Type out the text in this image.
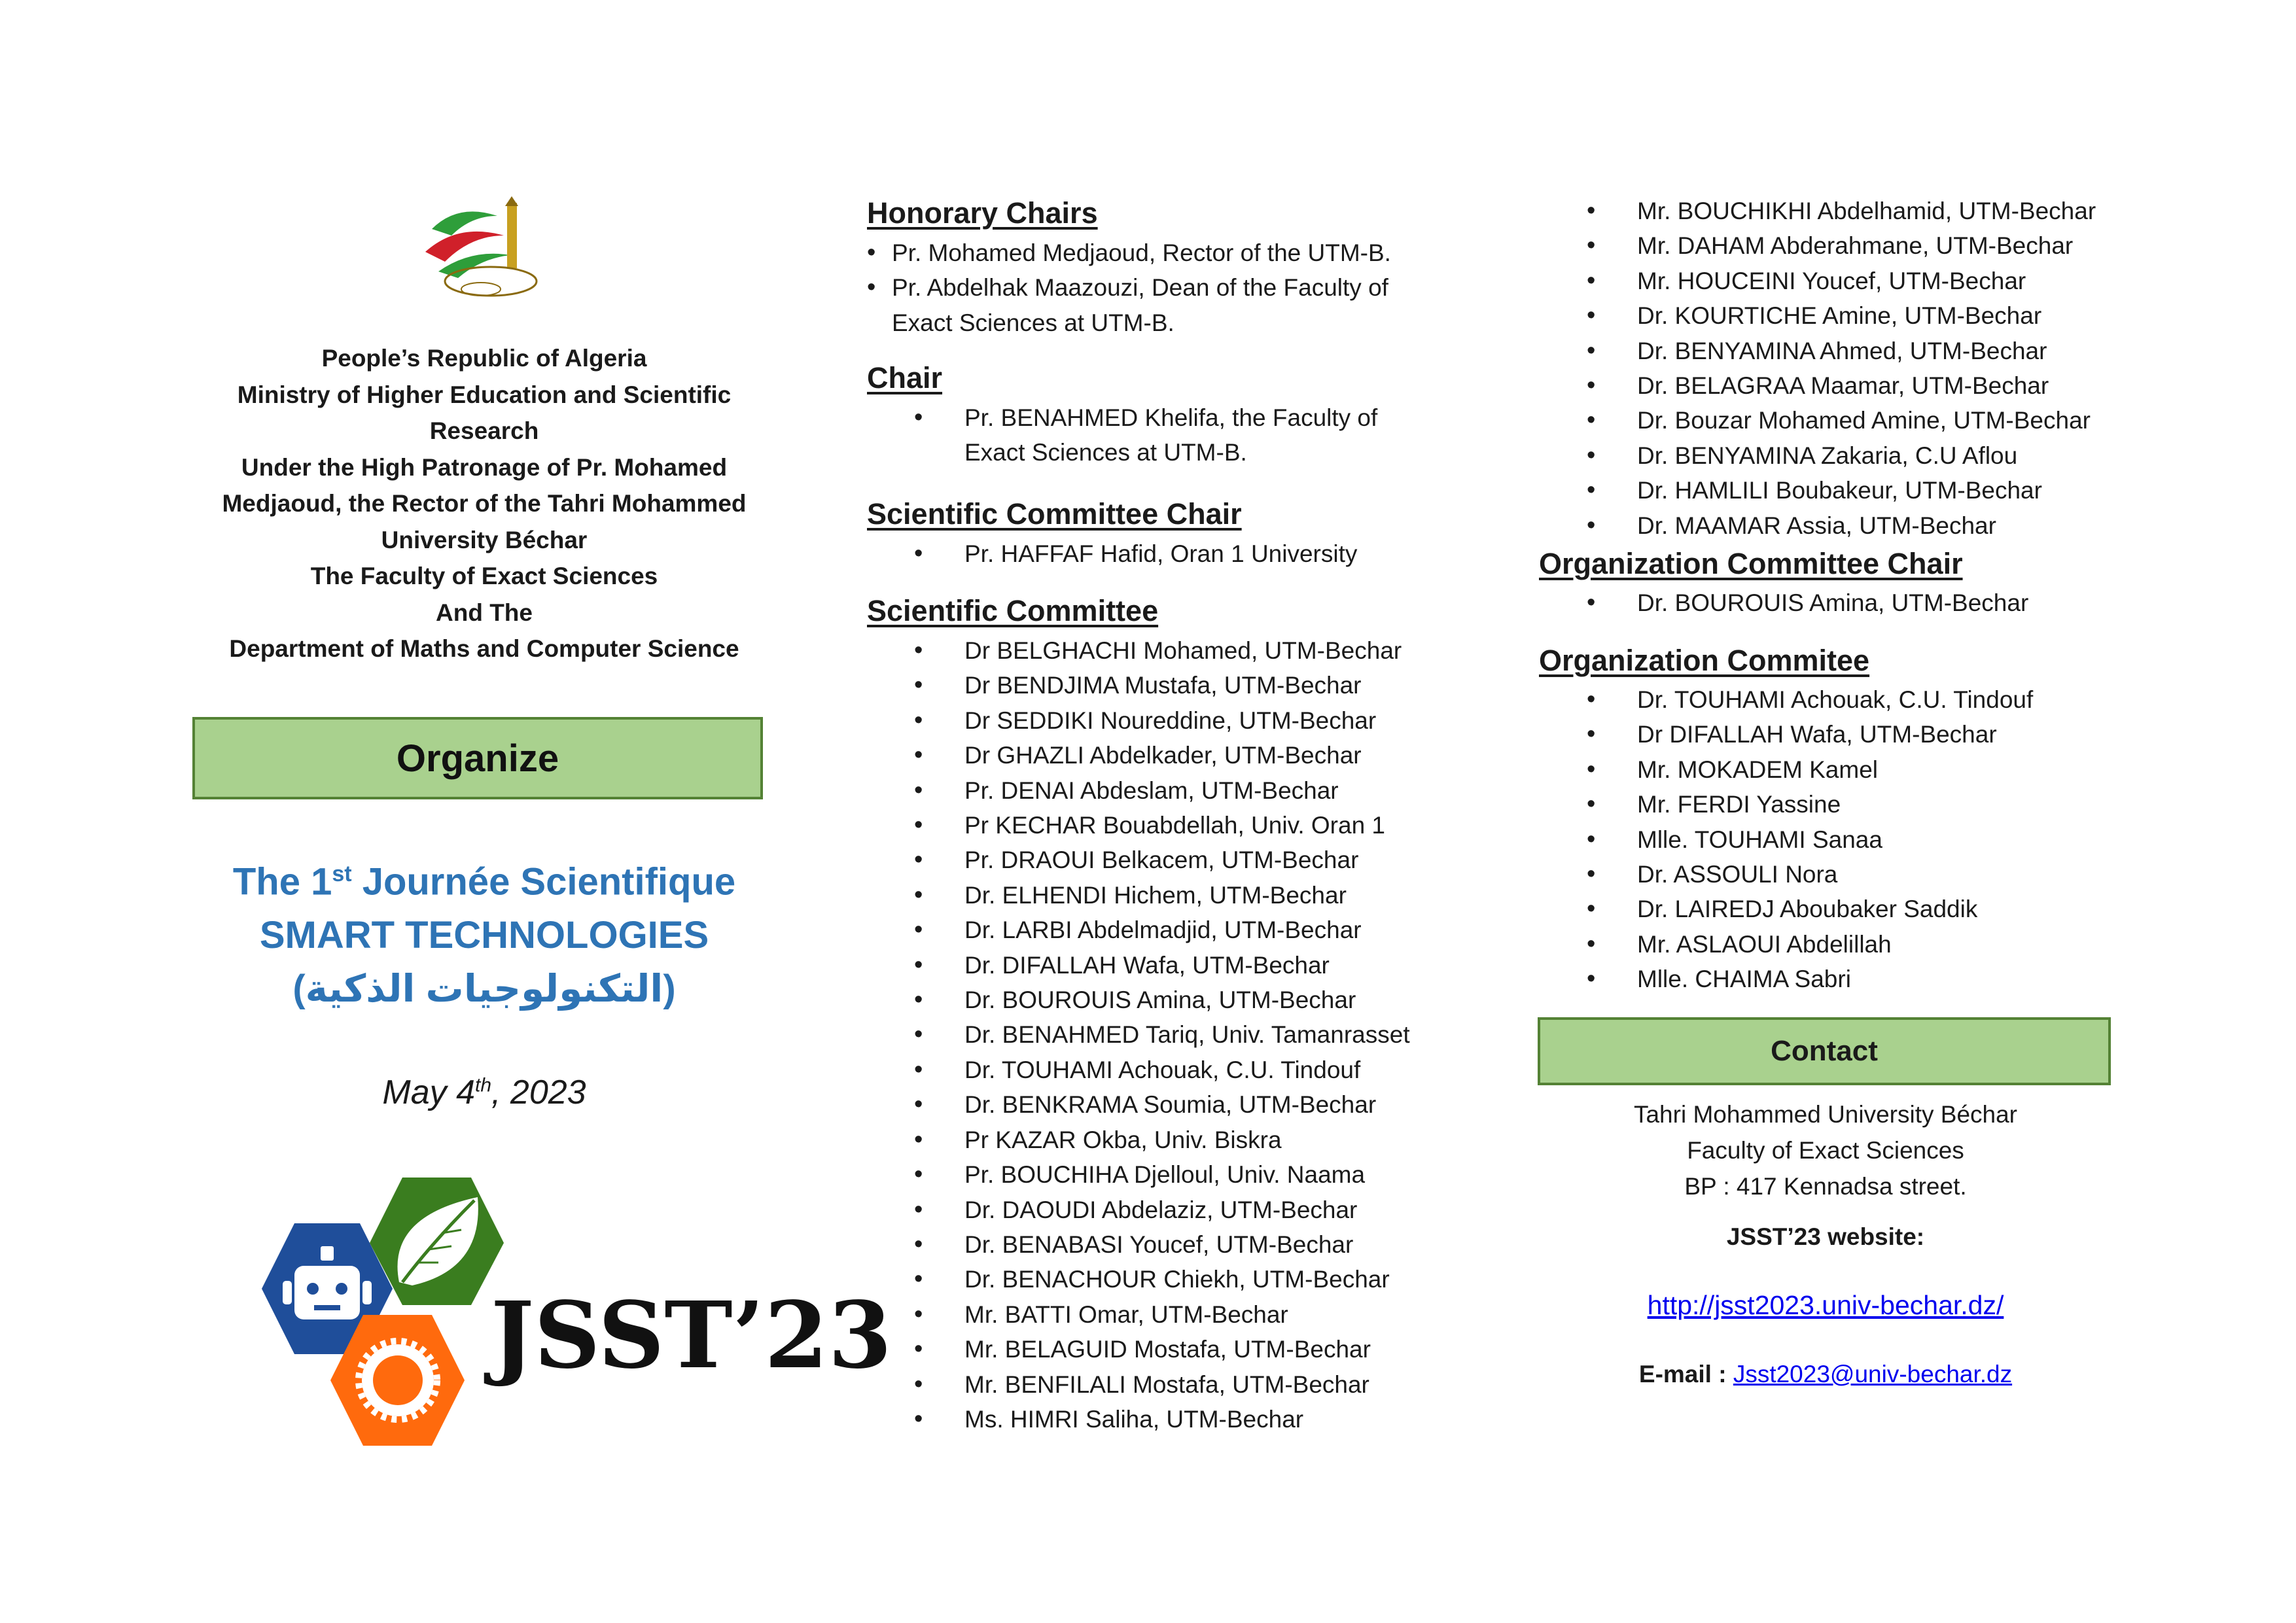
People’s Republic of Algeria
Ministry of Higher Education and Scientific
Research
Under the High Patronage of Pr. Mohamed
Medjaoud, the Rector of the Tahri Mohammed
University Béchar
The Faculty of Exact Sciences
And The
Department of Maths and Computer Science
Organize
The 1st Journée Scientifique
SMART TECHNOLOGIES
(التكنولوجيات الذكية)
May 4th, 2023
JSST’23
Honorary Chairs
• Pr. Mohamed Medjaoud, Rector of the UTM-B.
• Pr. Abdelhak Maazouzi, Dean of the Faculty of
Exact Sciences at UTM-B.
Chair
• Pr. BENAHMED Khelifa, the Faculty of
Exact Sciences at UTM-B.
Scientific Committee Chair
• Pr. HAFFAF Hafid, Oran 1 University
Scientific Committee
• Dr BELGHACHI Mohamed, UTM-Bechar
• Dr BENDJIMA Mustafa, UTM-Bechar
• Dr SEDDIKI Noureddine, UTM-Bechar
• Dr GHAZLI Abdelkader, UTM-Bechar
• Pr. DENAI Abdeslam, UTM-Bechar
• Pr KECHAR Bouabdellah, Univ. Oran 1
• Pr. DRAOUI Belkacem, UTM-Bechar
• Dr. ELHENDI Hichem, UTM-Bechar
• Dr. LARBI Abdelmadjid, UTM-Bechar
• Dr. DIFALLAH Wafa, UTM-Bechar
• Dr. BOUROUIS Amina, UTM-Bechar
• Dr. BENAHMED Tariq, Univ. Tamanrasset
• Dr. TOUHAMI Achouak, C.U. Tindouf
• Dr. BENKRAMA Soumia, UTM-Bechar
• Pr KAZAR Okba, Univ. Biskra
• Pr. BOUCHIHA Djelloul, Univ. Naama
• Dr. DAOUDI Abdelaziz, UTM-Bechar
• Dr. BENABASI Youcef, UTM-Bechar
• Dr. BENACHOUR Chiekh, UTM-Bechar
• Mr. BATTI Omar, UTM-Bechar
• Mr. BELAGUID Mostafa, UTM-Bechar
• Mr. BENFILALI Mostafa, UTM-Bechar
• Ms. HIMRI Saliha, UTM-Bechar
• Mr. BOUCHIKHI Abdelhamid, UTM-Bechar
• Mr. DAHAM Abderahmane, UTM-Bechar
• Mr. HOUCEINI Youcef, UTM-Bechar
• Dr. KOURTICHE Amine, UTM-Bechar
• Dr. BENYAMINA Ahmed, UTM-Bechar
• Dr. BELAGRAA Maamar, UTM-Bechar
• Dr. Bouzar Mohamed Amine, UTM-Bechar
• Dr. BENYAMINA Zakaria, C.U Aflou
• Dr. HAMLILI Boubakeur, UTM-Bechar
• Dr. MAAMAR Assia, UTM-Bechar
Organization Committee Chair
• Dr. BOUROUIS Amina, UTM-Bechar
Organization Commitee
• Dr. TOUHAMI Achouak, C.U. Tindouf
• Dr DIFALLAH Wafa, UTM-Bechar
• Mr. MOKADEM Kamel
• Mr. FERDI Yassine
• Mlle. TOUHAMI Sanaa
• Dr. ASSOULI Nora
• Dr. LAIREDJ Aboubaker Saddik
• Mr. ASLAOUI Abdelillah
• Mlle. CHAIMA Sabri
Contact
Tahri Mohammed University Béchar
Faculty of Exact Sciences
BP : 417 Kennadsa street.
JSST’23 website:
http://jsst2023.univ-bechar.dz/
E-mail : Jsst2023@univ-bechar.dz
